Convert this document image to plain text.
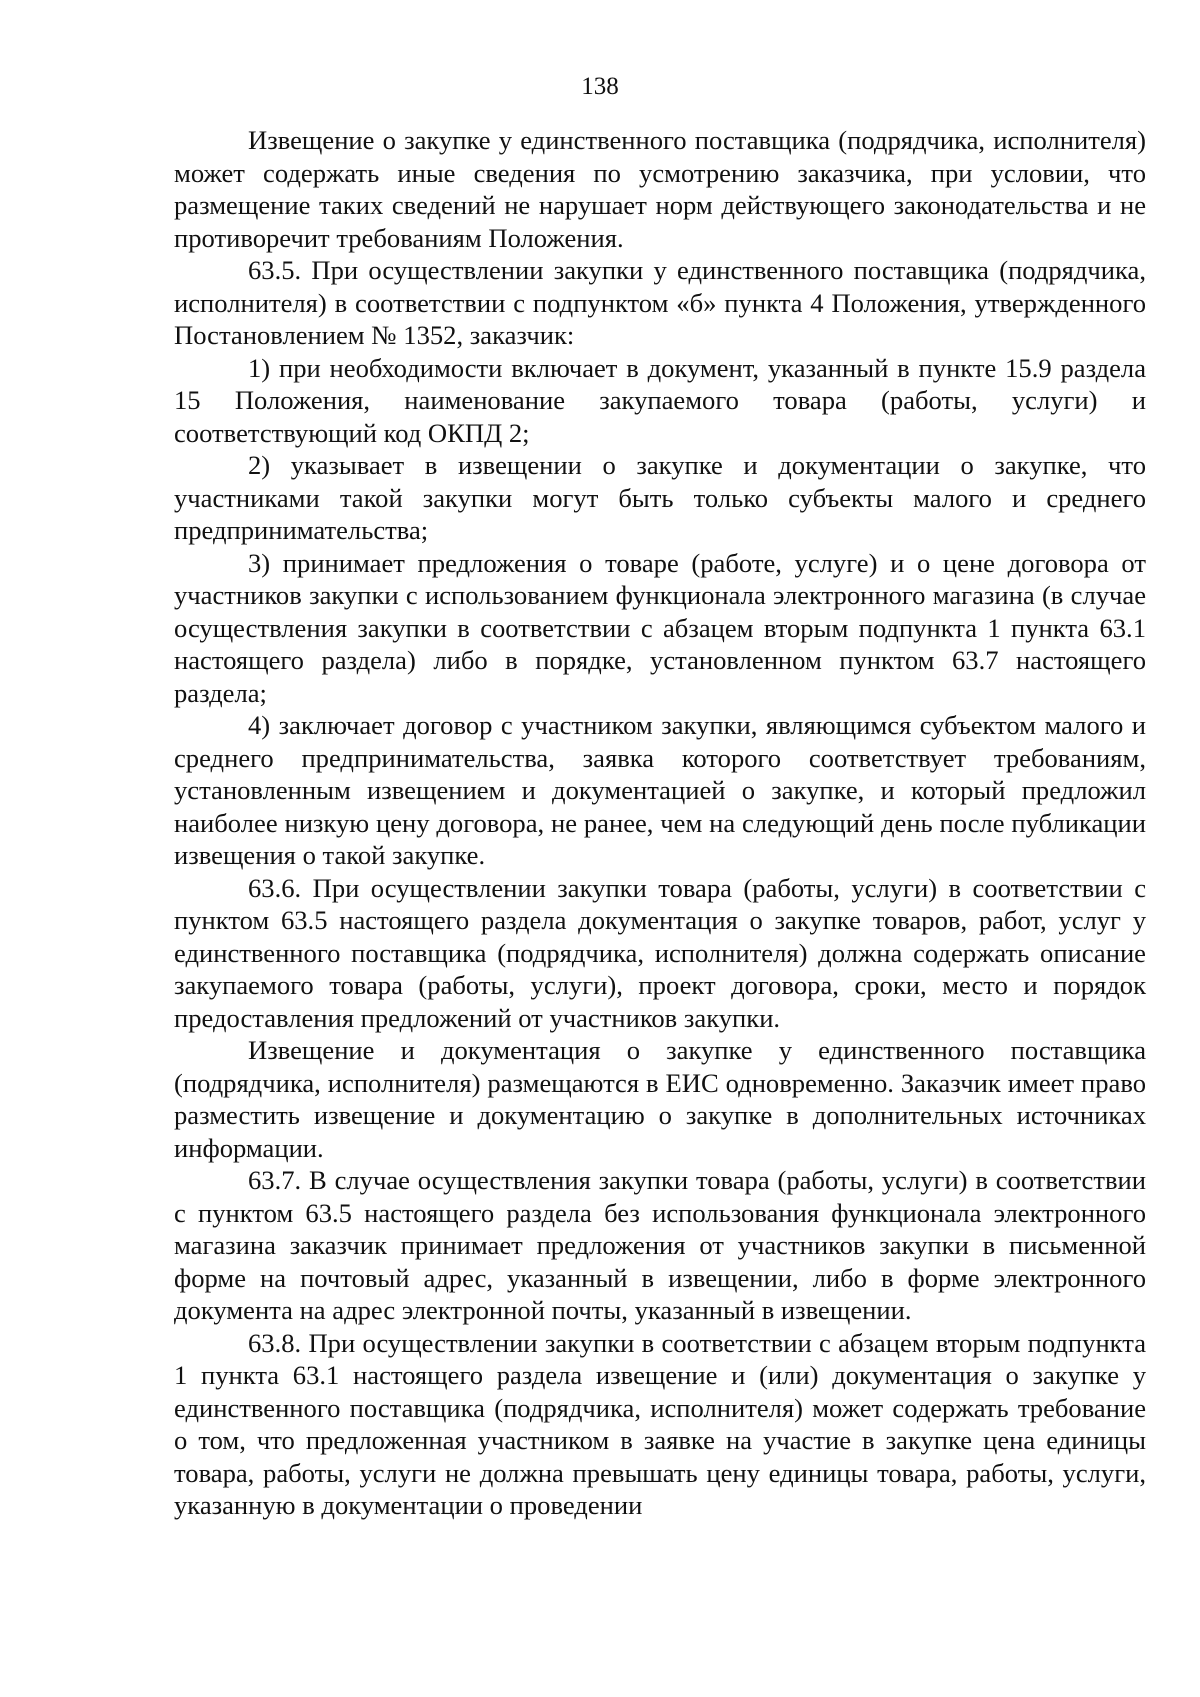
138

Извещение о закупке у единственного поставщика (подрядчика, исполнителя) может содержать иные сведения по усмотрению заказчика, при условии, что размещение таких сведений не нарушает норм действующего законодательства и не противоречит требованиям Положения.

63.5. При осуществлении закупки у единственного поставщика (подрядчика, исполнителя) в соответствии с подпунктом «б» пункта 4 Положения, утвержденного Постановлением № 1352, заказчик:

1) при необходимости включает в документ, указанный в пункте 15.9 раздела 15 Положения, наименование закупаемого товара (работы, услуги) и соответствующий код ОКПД 2;

2) указывает в извещении о закупке и документации о закупке, что участниками такой закупки могут быть только субъекты малого и среднего предпринимательства;

3) принимает предложения о товаре (работе, услуге) и о цене договора от участников закупки с использованием функционала электронного магазина (в случае осуществления закупки в соответствии с абзацем вторым подпункта 1 пункта 63.1 настоящего раздела) либо в порядке, установленном пунктом 63.7 настоящего раздела;

4) заключает договор с участником закупки, являющимся субъектом малого и среднего предпринимательства, заявка которого соответствует требованиям, установленным извещением и документацией о закупке, и который предложил наиболее низкую цену договора, не ранее, чем на следующий день после публикации извещения о такой закупке.

63.6. При осуществлении закупки товара (работы, услуги) в соответствии с пунктом 63.5 настоящего раздела документация о закупке товаров, работ, услуг у единственного поставщика (подрядчика, исполнителя) должна содержать описание закупаемого товара (работы, услуги), проект договора, сроки, место и порядок предоставления предложений от участников закупки.

Извещение и документация о закупке у единственного поставщика (подрядчика, исполнителя) размещаются в ЕИС одновременно. Заказчик имеет право разместить извещение и документацию о закупке в дополнительных источниках информации.

63.7. В случае осуществления закупки товара (работы, услуги) в соответствии с пунктом 63.5 настоящего раздела без использования функционала электронного магазина заказчик принимает предложения от участников закупки в письменной форме на почтовый адрес, указанный в извещении, либо в форме электронного документа на адрес электронной почты, указанный в извещении.

63.8. При осуществлении закупки в соответствии с абзацем вторым подпункта 1 пункта 63.1 настоящего раздела извещение и (или) документация о закупке у единственного поставщика (подрядчика, исполнителя) может содержать требование о том, что предложенная участником в заявке на участие в закупке цена единицы товара, работы, услуги не должна превышать цену единицы товара, работы, услуги, указанную в документации о проведении
